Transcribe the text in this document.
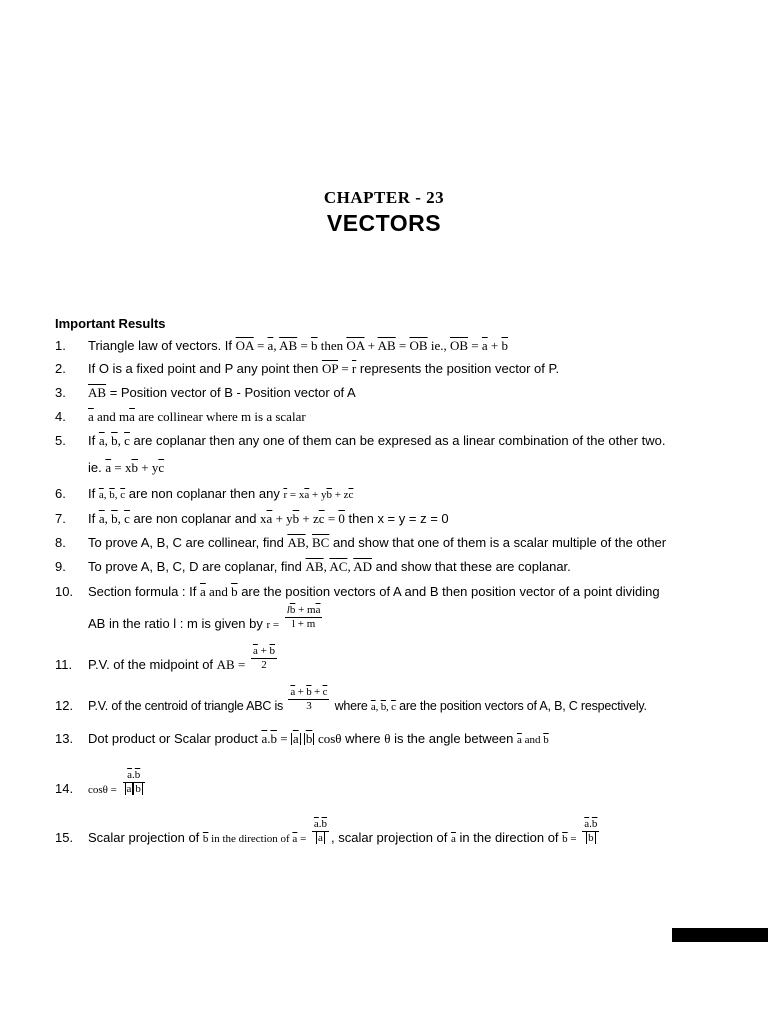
CHAPTER - 23
VECTORS
Important Results
1. Triangle law of vectors. If $\overline{OA} = \overline{a}$, $\overline{AB} = \overline{b}$ then $\overline{OA} + \overline{AB} = \overline{OB}$ ie., $\overline{OB} = \overline{a} + \overline{b}$
2. If O is a fixed point and P any point then $\overline{OP} = \overline{r}$ represents the position vector of P.
3. $\overline{AB}$ = Position vector of B - Position vector of A
4. $\overline{a}$ and $m\overline{a}$ are collinear where m is a scalar
5. If $\overline{a}$, $\overline{b}$, $\overline{c}$ are coplanar then any one of them can be expresed as a linear combination of the other two.
ie. $\overline{a} = x\overline{b} + y\overline{c}$
6. If $\overline{a}$, $\overline{b}$, $\overline{c}$ are non coplanar then any $\overline{r} = x\overline{a} + y\overline{b} + z\overline{c}$
7. If $\overline{a}$, $\overline{b}$, $\overline{c}$ are non coplanar and $x\overline{a} + y\overline{b} + z\overline{c} = 0$ then x = y = z = 0
8. To prove A, B, C are collinear, find $\overline{AB}$, $\overline{BC}$ and show that one of them is a scalar multiple of the other
9. To prove A, B, C, D are coplanar, find $\overline{AB}$, $\overline{AC}$, $\overline{AD}$ and show that these are coplanar.
10. Section formula : If $\overline{a}$ and $\overline{b}$ are the position vectors of A and B then position vector of a point dividing
AB in the ratio l : m is given by $r = \frac{l\overline{b} + m\overline{a}}{l + m}$
11. P.V. of the midpoint of AB = $\frac{\overline{a} + \overline{b}}{2}$
12. P.V. of the centroid of triangle ABC is $\frac{\overline{a} + \overline{b} + \overline{c}}{3}$ where $\overline{a}$, $\overline{b}$, $\overline{c}$ are the position vectors of A, B, C respectively.
13. Dot product or Scalar product $\overline{a}.\overline{b} = \overline{a}$ $\overline{b}$ cosθ where θ is the angle between $\overline{a}$ and $\overline{b}$
14. $\cos\theta = \frac{\overline{a}.\overline{b}}{\overline{a} \overline{b}}$
15. Scalar projection of $\overline{b}$ in the direction of $\overline{a} = \frac{\overline{a}.\overline{b}}{a}$ , scalar projection of $\overline{a}$ in the direction of $\overline{b} = \frac{\overline{a}.\overline{b}}{b}$
